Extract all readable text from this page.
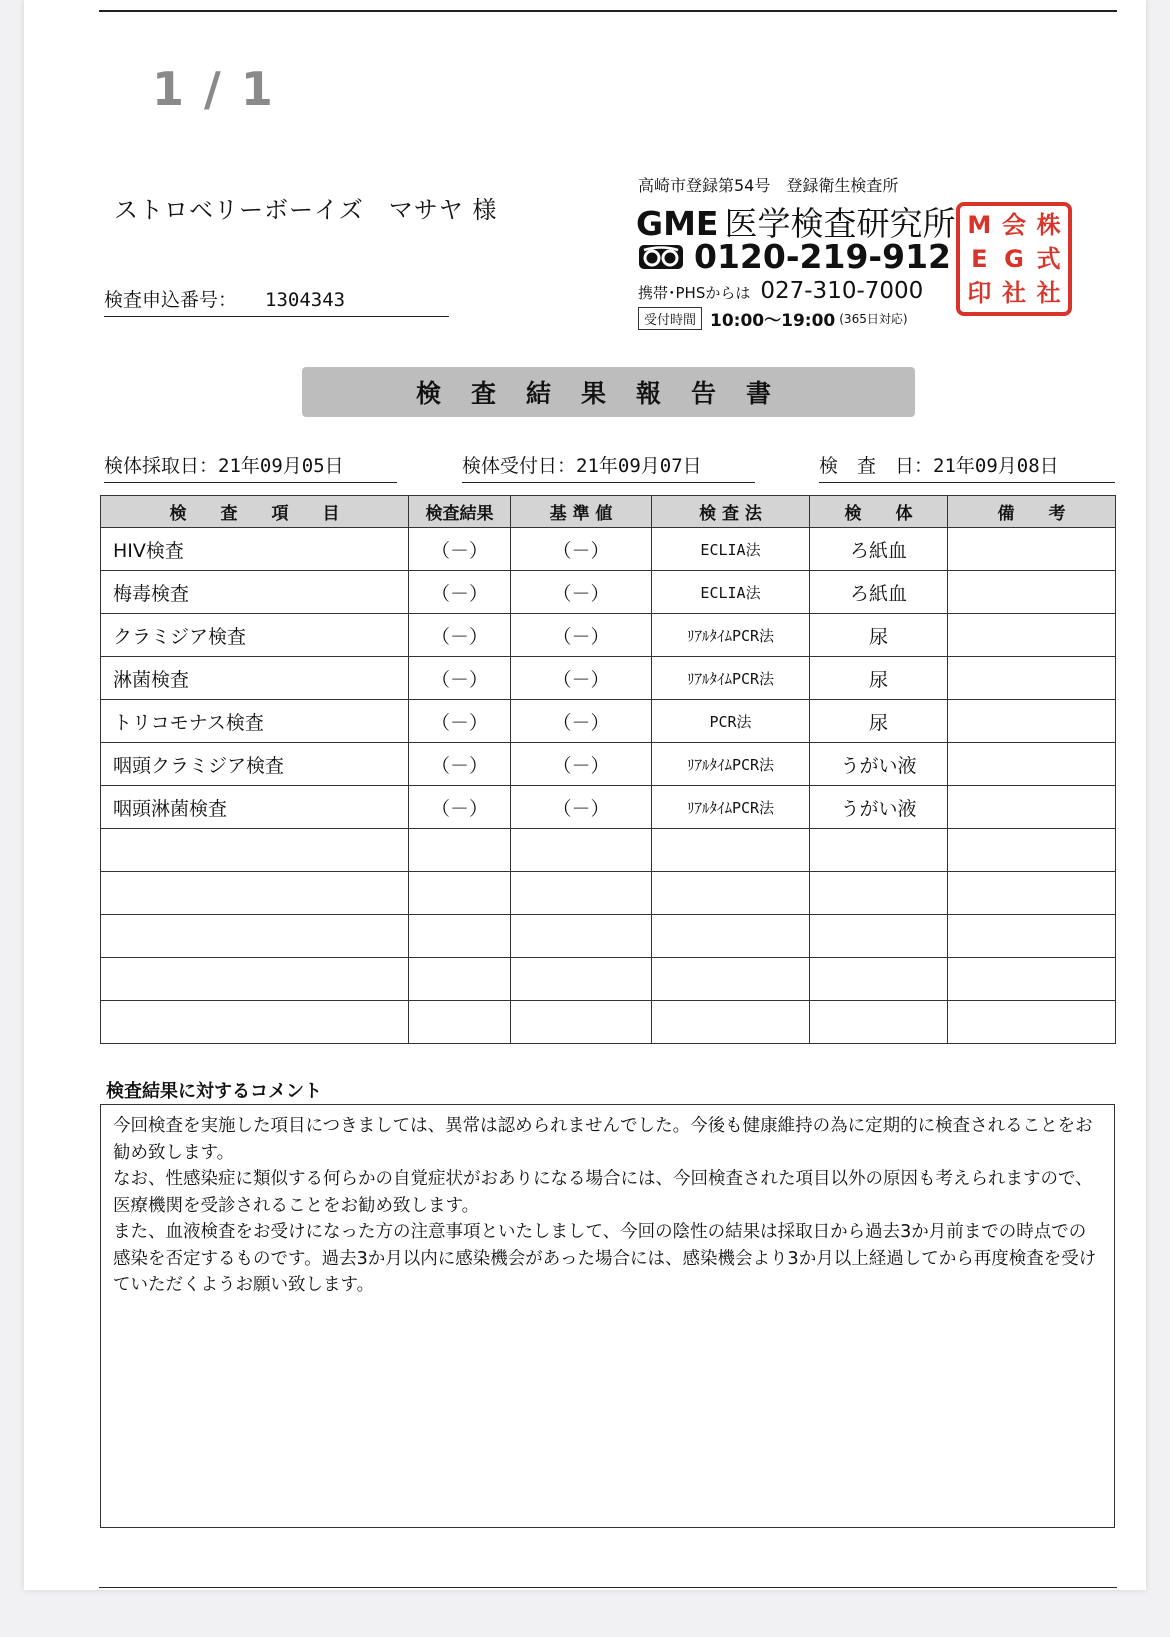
1 / 1
ストロベリーボーイズ　マサヤ 様
検査申込番号： 1304343
高崎市登録第54号　登録衛生検査所
GME 医学検査研究所
0120-219-912
携帯･PHSからは 027-310-7000
受付時間 10:00〜19:00 (365日対応)
M 会 株
E G 式
印 社 社
検査結果報告書
検体採取日：21年09月05日	検体受付日：21年09月07日	検　査　日：21年09月08日
検　　査　　項　　目	検査結果	基 準 値	検 査 法	検　　体	備　　考
HIV検査	（－）	（－）	ECLIA法	ろ紙血	
梅毒検査	（－）	（－）	ECLIA法	ろ紙血	
クラミジア検査	（－）	（－）	ﾘｱﾙﾀｲﾑPCR法	尿	
淋菌検査	（－）	（－）	ﾘｱﾙﾀｲﾑPCR法	尿	
トリコモナス検査	（－）	（－）	PCR法	尿	
咽頭クラミジア検査	（－）	（－）	ﾘｱﾙﾀｲﾑPCR法	うがい液	
咽頭淋菌検査	（－）	（－）	ﾘｱﾙﾀｲﾑPCR法	うがい液	

検査結果に対するコメント

今回検査を実施した項目につきましては、異常は認められませんでした。今後も健康維持の為に定期的に検査されることをお勧め致します。

なお、性感染症に類似する何らかの自覚症状がおありになる場合には、今回検査された項目以外の原因も考えられますので、医療機関を受診されることをお勧め致します。

また、血液検査をお受けになった方の注意事項といたしまして、今回の陰性の結果は採取日から過去3か月前までの時点での感染を否定するものです。過去3か月以内に感染機会があった場合には、感染機会より3か月以上経過してから再度検査を受けていただくようお願い致します。
